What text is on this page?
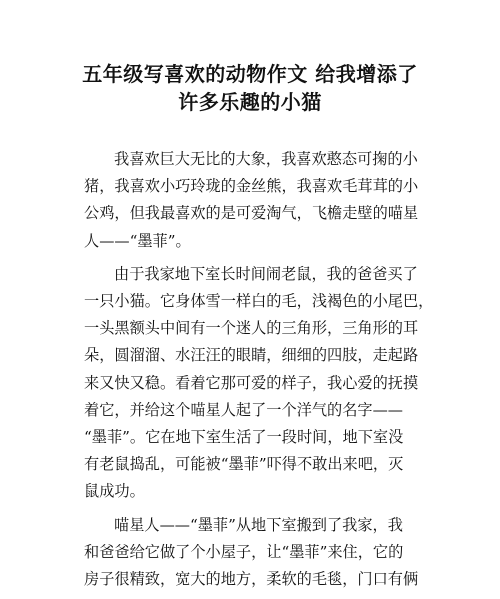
五年级写喜欢的动物作文 给我增添了
许多乐趣的小猫
我喜欢巨大无比的大象，我喜欢憨态可掬的小
猪，我喜欢小巧玲珑的金丝熊，我喜欢毛茸茸的小
公鸡，但我最喜欢的是可爱淘气，飞檐走壁的喵星
人——“墨菲”。
由于我家地下室长时间闹老鼠，我的爸爸买了
一只小猫。它身体雪一样白的毛，浅褐色的小尾巴，
一头黑额头中间有一个迷人的三角形，三角形的耳
朵，圆溜溜、水汪汪的眼睛，细细的四肢，走起路
来又快又稳。看着它那可爱的样子，我心爱的抚摸
着它，并给这个喵星人起了一个洋气的名字——
“墨菲”。它在地下室生活了一段时间，地下室没
有老鼠捣乱，可能被“墨菲”吓得不敢出来吧，灭
鼠成功。
喵星人——“墨菲”从地下室搬到了我家，我
和爸爸给它做了个小屋子，让“墨菲”来住，它的
房子很精致，宽大的地方，柔软的毛毯，门口有俩
